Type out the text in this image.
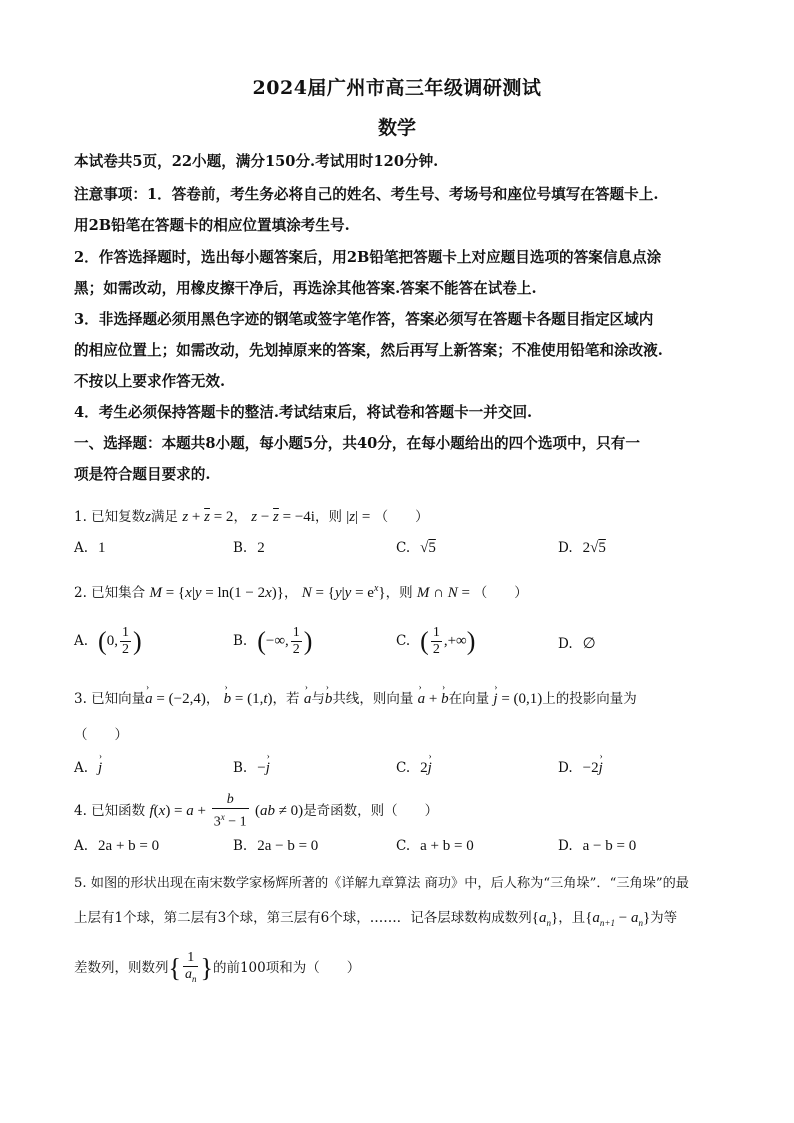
2024届广州市高三年级调研测试
数学
本试卷共5页，22小题，满分150分.考试用时120分钟.
注意事项：1．答卷前，考生务必将自己的姓名、考生号、考场号和座位号填写在答题卡上.
用2B铅笔在答题卡的相应位置填涂考生号.
2．作答选择题时，选出每小题答案后，用2B铅笔把答题卡上对应题目选项的答案信息点涂
黑；如需改动，用橡皮擦干净后，再选涂其他答案.答案不能答在试卷上.
3．非选择题必须用黑色字迹的钢笔或签字笔作答，答案必须写在答题卡各题目指定区域内
的相应位置上；如需改动，先划掉原来的答案，然后再写上新答案；不准使用铅笔和涂改液.
不按以上要求作答无效.
4．考生必须保持答题卡的整洁.考试结束后，将试卷和答题卡一并交回.
一、选择题：本题共8小题，每小题5分，共40分，在每小题给出的四个选项中，只有一
项是符合题目要求的.
1. 已知复数z满足 $z + \overline{z} = 2$， $z - \overline{z} = -4i$，则 |z| = （　　）
A. 1	B. 2	C. √5	D. 2√5
2. 已知集合 M = {x|y = ln(1 − 2x)}， $N = \{y|y = e^x\}$，则 M ∩ N = （　　）
A. (0, $\frac{1}{2}$ )	B. (−∞, $\frac{1}{2}$ )	C. ( $\frac{1}{2}$ ,+∞)	D. ∅
3. 已知向量› a = (−2,4)， › b = (1,t)，若 › a与› b共线，则向量 › a + › b在向量 › j = (0,1)上的投影向量为
（　　）
A. › j	B. −› j	C. 2› j	D. −2› j
4. 已知函数 $f(x) = a + \frac{b}{3^x - 1} (ab \ne 0)$是奇函数，则（　　）
A. 2a + b = 0	B. 2a − b = 0	C. a + b = 0	D. a − b = 0
5. 如图的形状出现在南宋数学家杨辉所著的《详解九章算法 商功》中，后人称为“三角垛”．“三角垛”的最
上层有1个球，第二层有3个球，第三层有6个球，……．记各层球数构成数列$\{a_n\}$，且$\{a_{n+1} - a_n\}$为等
差数列，则数列{ $\frac{1}{a_n}$ }的前100项和为（　　）
